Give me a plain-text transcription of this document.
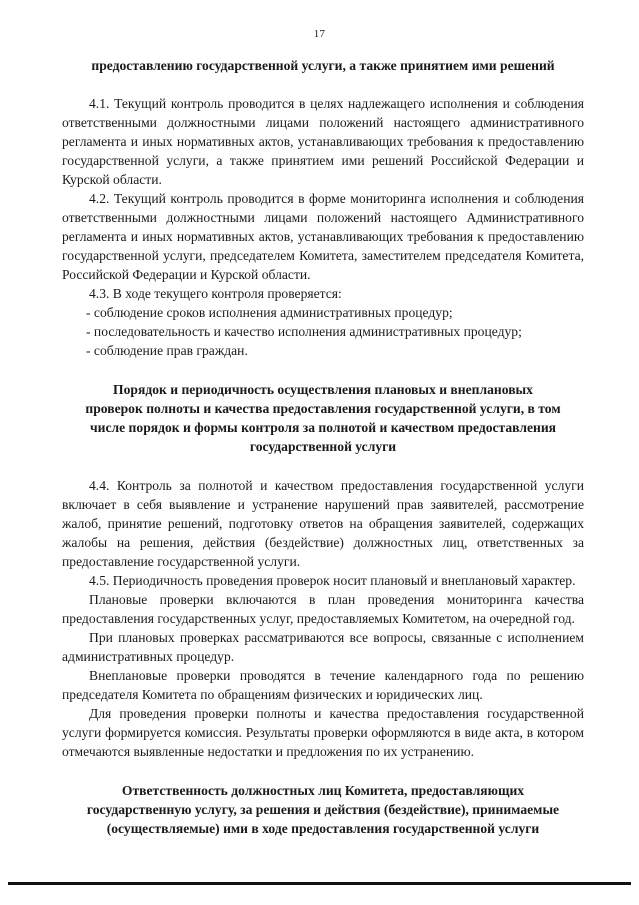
17

предоставлению государственной услуги, а также принятием ими решений

4.1. Текущий контроль проводится в целях надлежащего исполнения и соблюдения ответственными должностными лицами положений настоящего административного регламента и иных нормативных актов, устанавливающих требования к предоставлению государственной услуги, а также принятием ими решений Российской Федерации и Курской области.

4.2. Текущий контроль проводится в форме мониторинга исполнения и соблюдения ответственными должностными лицами положений настоящего Административного регламента и иных нормативных актов, устанавливающих требования к предоставлению государственной услуги, председателем Комитета, заместителем председателя Комитета, Российской Федерации и Курской области.

4.3. В ходе текущего контроля проверяется:

- соблюдение сроков исполнения административных процедур;

- последовательность и качество исполнения административных процедур;

- соблюдение прав граждан.

Порядок и периодичность осуществления плановых и внеплановых

проверок полноты и качества предоставления государственной услуги, в том

числе порядок и формы контроля за полнотой и качеством предоставления

государственной услуги

4.4. Контроль за полнотой и качеством предоставления государственной услуги включает в себя выявление и устранение нарушений прав заявителей, рассмотрение жалоб, принятие решений, подготовку ответов на обращения заявителей, содержащих жалобы на решения, действия (бездействие) должностных лиц, ответственных за предоставление государственной услуги.

4.5. Периодичность проведения проверок носит плановый и внеплановый характер.

Плановые проверки включаются в план проведения мониторинга качества предоставления государственных услуг, предоставляемых Комитетом, на очередной год.

При плановых проверках рассматриваются все вопросы, связанные с исполнением административных процедур.

Внеплановые проверки проводятся в течение календарного года по решению председателя Комитета по обращениям физических и юридических лиц.

Для проведения проверки полноты и качества предоставления государственной услуги формируется комиссия. Результаты проверки оформляются в виде акта, в котором отмечаются выявленные недостатки и предложения по их устранению.

Ответственность должностных лиц Комитета, предоставляющих

государственную услугу, за решения и действия (бездействие), принимаемые

(осуществляемые) ими в ходе предоставления государственной услуги
